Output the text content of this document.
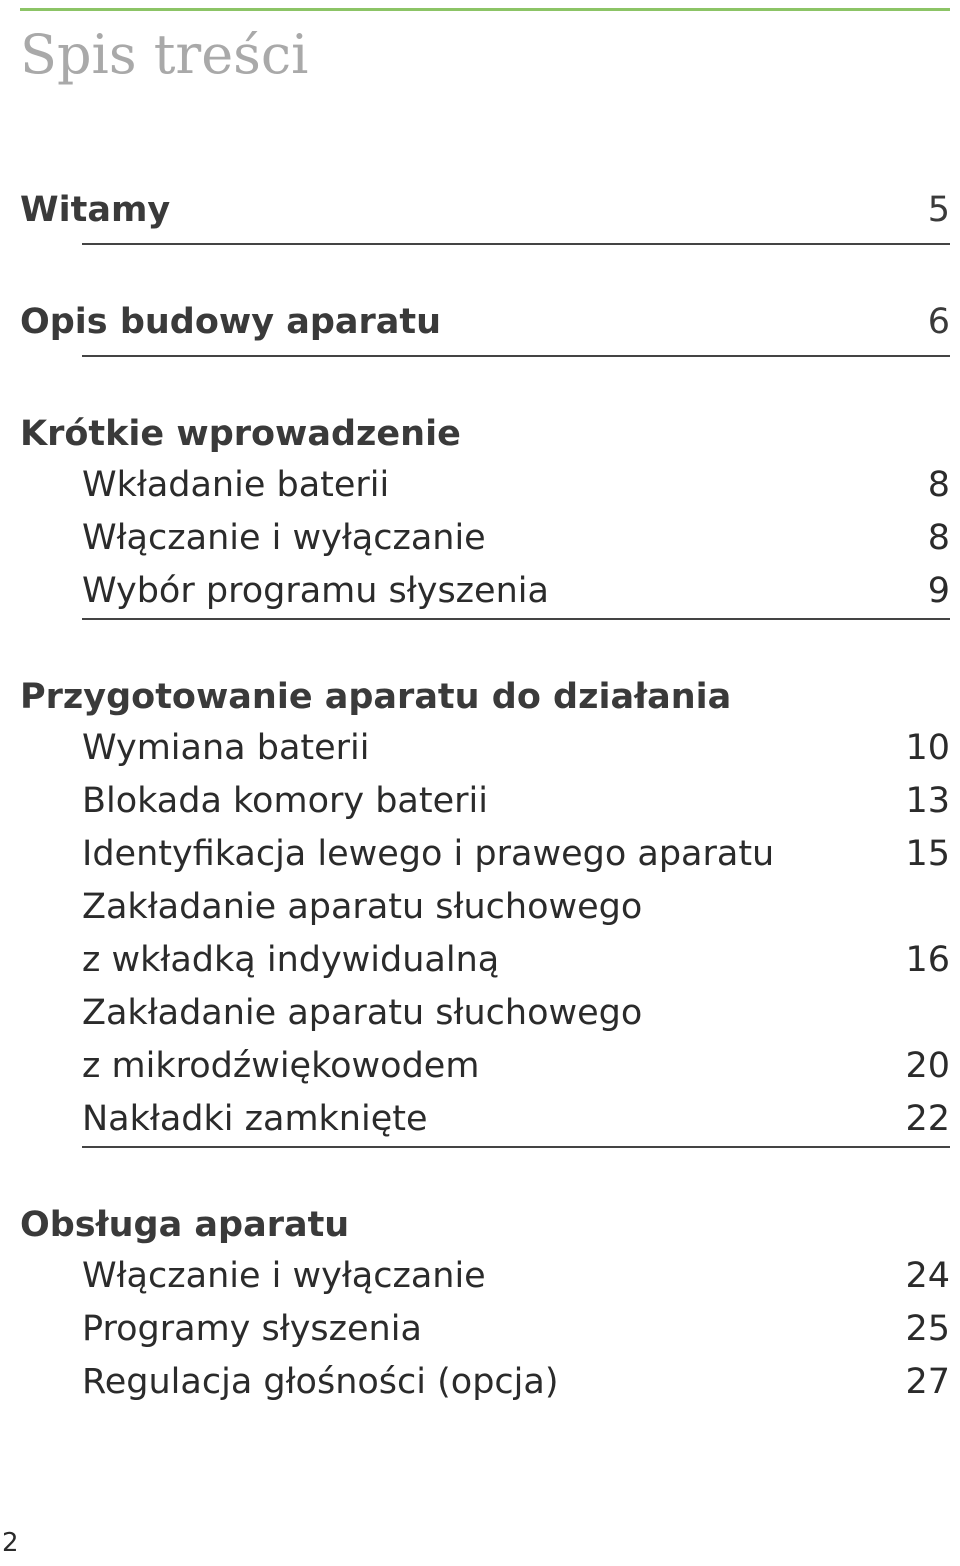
Spis treści
Witamy	5
Opis budowy aparatu	6
Krótkie wprowadzenie
Wkładanie baterii	8
Włączanie i wyłączanie	8
Wybór programu słyszenia	9
Przygotowanie aparatu do działania
Wymiana baterii	10
Blokada komory baterii	13
Identyfikacja lewego i prawego aparatu	15
Zakładanie aparatu słuchowego
z wkładką indywidualną	16
Zakładanie aparatu słuchowego
z mikrodźwiękowodem	20
Nakładki zamknięte	22
Obsługa aparatu
Włączanie i wyłączanie	24
Programy słyszenia	25
Regulacja głośności (opcja)	27
2
